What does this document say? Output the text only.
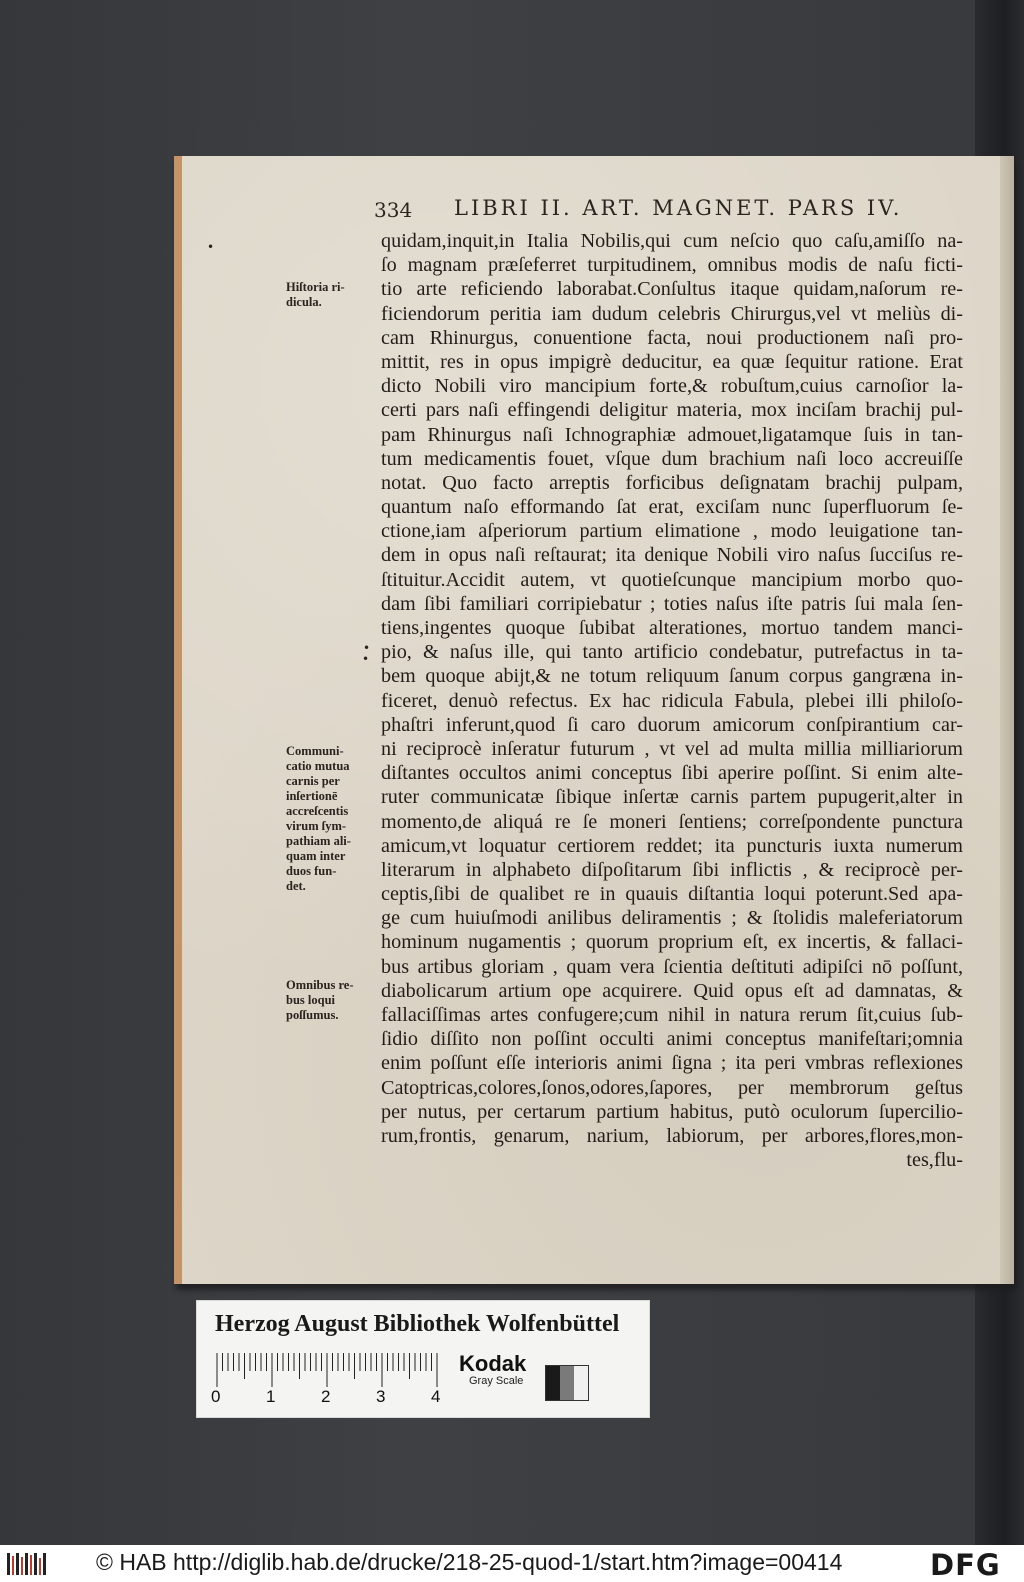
334 LIBRI II. ART. MAGNET. PARS IV.
•
•
•
quidam,inquit,in Italia Nobilis,qui cum neſcio quo caſu,amiſſo na-
ſo magnam præſeferret turpitudinem, omnibus modis de naſu ficti-
tio arte reficiendo laborabat.Conſultus itaque quidam,naſorum re-
ficiendorum peritia iam dudum celebris Chirurgus,vel vt meliùs di-
cam Rhinurgus, conuentione facta, noui productionem naſi pro-
mittit, res in opus impigrè deducitur, ea quæ ſequitur ratione. Erat
dicto Nobili viro mancipium forte,& robuſtum,cuius carnoſior la-
certi pars naſi effingendi deligitur materia, mox inciſam brachij pul-
pam Rhinurgus naſi Ichnographiæ admouet,ligatamque ſuis in tan-
tum medicamentis fouet, vſque dum brachium naſi loco accreuiſſe
notat. Quo facto arreptis forficibus deſignatam brachij pulpam,
quantum naſo efformando ſat erat, exciſam nunc ſuperfluorum ſe-
ctione,iam aſperiorum partium elimatione , modo leuigatione tan-
dem in opus naſi reſtaurat; ita denique Nobili viro naſus ſucciſus re-
ſtituitur.Accidit autem, vt quotieſcunque mancipium morbo quo-
dam ſibi familiari corripiebatur ; toties naſus iſte patris ſui mala ſen-
tiens,ingentes quoque ſubibat alterationes, mortuo tandem manci-
pio, & naſus ille, qui tanto artificio condebatur, putrefactus in ta-
bem quoque abijt,& ne totum reliquum ſanum corpus gangræna in-
ficeret, denuò refectus. Ex hac ridicula Fabula, plebei illi philoſo-
phaſtri inferunt,quod ſi caro duorum amicorum conſpirantium car-
ni reciprocè inſeratur futurum , vt vel ad multa millia milliariorum
diſtantes occultos animi conceptus ſibi aperire poſſint. Si enim alte-
ruter communicatæ ſibique inſertæ carnis partem pupugerit,alter in
momento,de aliquá re ſe moneri ſentiens; correſpondente punctura
amicum,vt loquatur certiorem reddet; ita puncturis iuxta numerum
literarum in alphabeto diſpoſitarum ſibi inflictis , & reciprocè per-
ceptis,ſibi de qualibet re in quauis diſtantia loqui poterunt.Sed apa-
ge cum huiuſmodi anilibus deliramentis ; & ſtolidis maleferiatorum
hominum nugamentis ; quorum proprium eſt, ex incertis, & fallaci-
bus artibus gloriam , quam vera ſcientia deſtituti adipiſci nō poſſunt,
diabolicarum artium ope acquirere. Quid opus eſt ad damnatas, &
fallaciſſimas artes confugere;cum nihil in natura rerum ſit,cuius ſub-
ſidio diſſito non poſſint occulti animi conceptus manifeſtari;omnia
enim poſſunt eſſe interioris animi ſigna ; ita peri vmbras reflexiones
Catoptricas,colores,ſonos,odores,ſapores, per membrorum geſtus
per nutus, per certarum partium habitus, putò oculorum ſupercilio-
rum,frontis, genarum, narium, labiorum, per arbores,flores,mon-
tes,flu-
Hiſtoria ri-
dicula.
Communi-
catio mutua
carnis per
inſertionē
accreſcentis
virum ſym-
pathiam ali-
quam inter
duos fun-
det.
Omnibus re-
bus loqui
poſſumus.
Herzog August Bibliothek Wolfenbüttel
0	1	2	3	4
Kodak
Gray Scale
© HAB http://diglib.hab.de/drucke/218-25-quod-1/start.htm?image=00414	DFG
